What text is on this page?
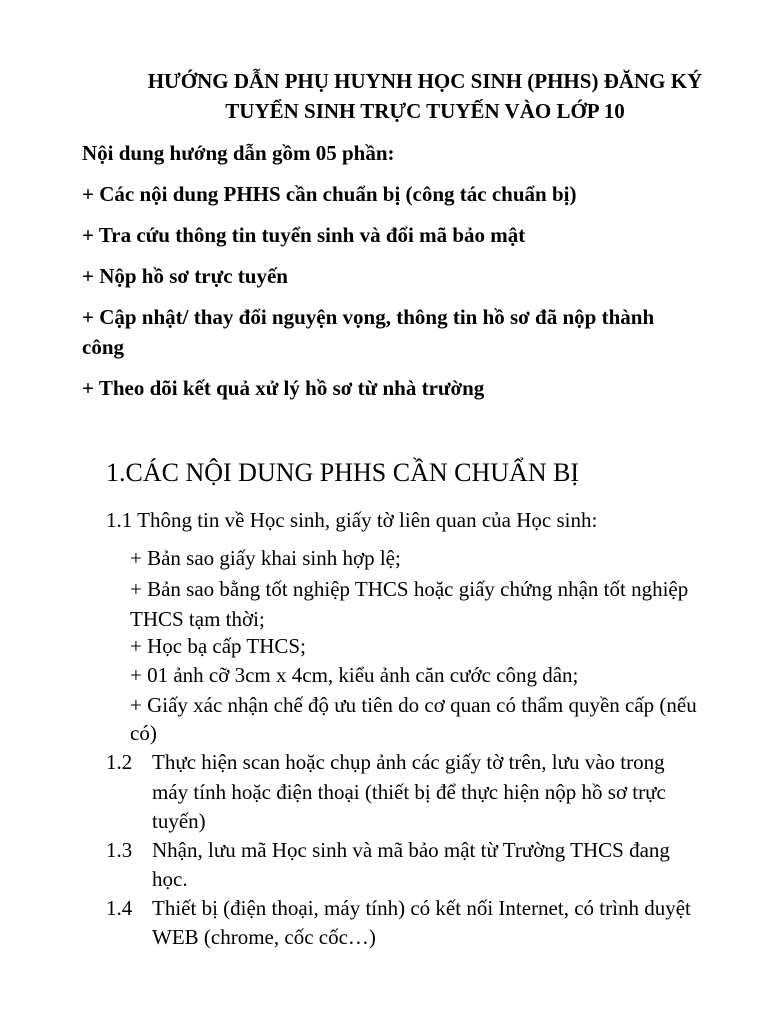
HƯỚNG DẪN PHỤ HUYNH HỌC SINH (PHHS) ĐĂNG KÝ
TUYỂN SINH TRỰC TUYẾN VÀO LỚP 10
Nội dung hướng dẫn gồm 05 phần:
+ Các nội dung PHHS cần chuẩn bị (công tác chuẩn bị)
+ Tra cứu thông tin tuyển sinh và đổi mã bảo mật
+ Nộp hồ sơ trực tuyến
+ Cập nhật/ thay đổi nguyện vọng, thông tin hồ sơ đã nộp thành
công
+ Theo dõi kết quả xử lý hồ sơ từ nhà trường
1.CÁC NỘI DUNG PHHS CẦN CHUẨN BỊ
1.1 Thông tin về Học sinh, giấy tờ liên quan của Học sinh:
+ Bản sao giấy khai sinh hợp lệ;
+ Bản sao bằng tốt nghiệp THCS hoặc giấy chứng nhận tốt nghiệp
THCS tạm thời;
+ Học bạ cấp THCS;
+ 01 ảnh cỡ 3cm x 4cm, kiểu ảnh căn cước công dân;
+ Giấy xác nhận chế độ ưu tiên do cơ quan có thẩm quyền cấp (nếu
có)
1.2 Thực hiện scan hoặc chụp ảnh các giấy tờ trên, lưu vào trong
máy tính hoặc điện thoại (thiết bị để thực hiện nộp hồ sơ trực
tuyến)
1.3 Nhận, lưu mã Học sinh và mã bảo mật từ Trường THCS đang
học.
1.4 Thiết bị (điện thoại, máy tính) có kết nối Internet, có trình duyệt
WEB (chrome, cốc cốc…)
